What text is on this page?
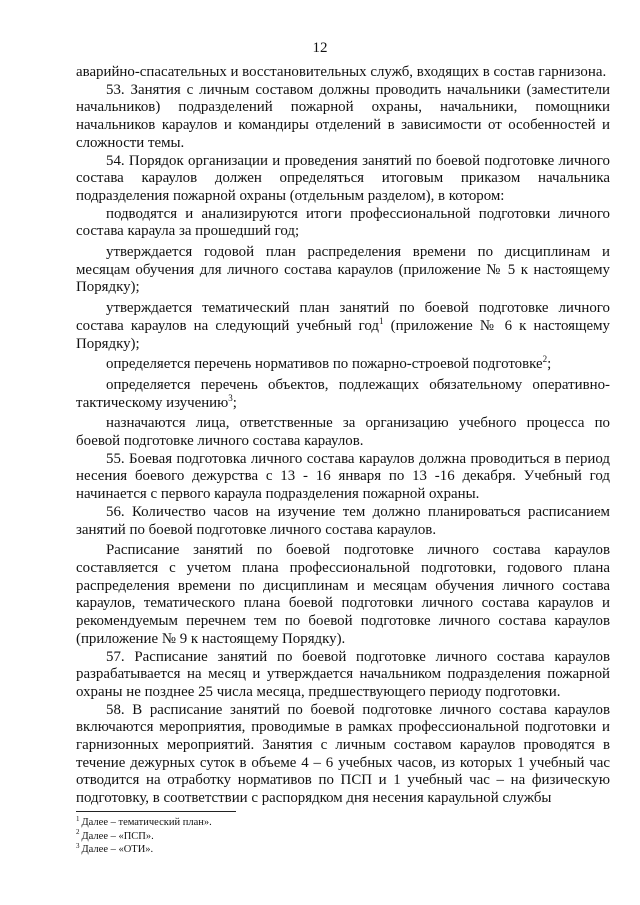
12

аварийно-спасательных и восстановительных служб, входящих в состав гарнизона.

53. Занятия с личным составом должны проводить начальники (заместители начальников) подразделений пожарной охраны, начальники, помощники начальников караулов и командиры отделений в зависимости от особенностей и сложности темы.

54. Порядок организации и проведения занятий по боевой подготовке личного состава караулов должен определяться итоговым приказом начальника подразделения пожарной охраны (отдельным разделом), в котором:

подводятся и анализируются итоги профессиональной подготовки личного состава караула за прошедший год;

утверждается годовой план распределения времени по дисциплинам и месяцам обучения для личного состава караулов (приложение № 5 к настоящему Порядку);

утверждается тематический план занятий по боевой подготовке личного состава караулов на следующий учебный год$^1$ (приложение № 6 к настоящему Порядку);

определяется перечень нормативов по пожарно-строевой подготовке$^2$;

определяется перечень объектов, подлежащих обязательному оперативно-тактическому изучению$^3$;

назначаются лица, ответственные за организацию учебного процесса по боевой подготовке личного состава караулов.

55. Боевая подготовка личного состава караулов должна проводиться в период несения боевого дежурства с 13 - 16 января по 13 -16 декабря. Учебный год начинается с первого караула подразделения пожарной охраны.

56. Количество часов на изучение тем должно планироваться расписанием занятий по боевой подготовке личного состава караулов.

Расписание занятий по боевой подготовке личного состава караулов составляется с учетом плана профессиональной подготовки, годового плана распределения времени по дисциплинам и месяцам обучения личного состава караулов, тематического плана боевой подготовки личного состава караулов и рекомендуемым перечнем тем по боевой подготовке личного состава караулов (приложение № 9 к настоящему Порядку).

57. Расписание занятий по боевой подготовке личного состава караулов разрабатывается на месяц и утверждается начальником подразделения пожарной охраны не позднее 25 числа месяца, предшествующего периоду подготовки.

58. В расписание занятий по боевой подготовке личного состава караулов включаются мероприятия, проводимые в рамках профессиональной подготовки и гарнизонных мероприятий. Занятия с личным составом караулов проводятся в течение дежурных суток в объеме 4 – 6 учебных часов, из которых 1 учебный час отводится на отработку нормативов по ПСП и 1 учебный час – на физическую подготовку, в соответствии с распорядком дня несения караульной службы

$^1$ Далее – тематический план».

$^2$ Далее – «ПСП».

$^3$ Далее – «ОТИ».
